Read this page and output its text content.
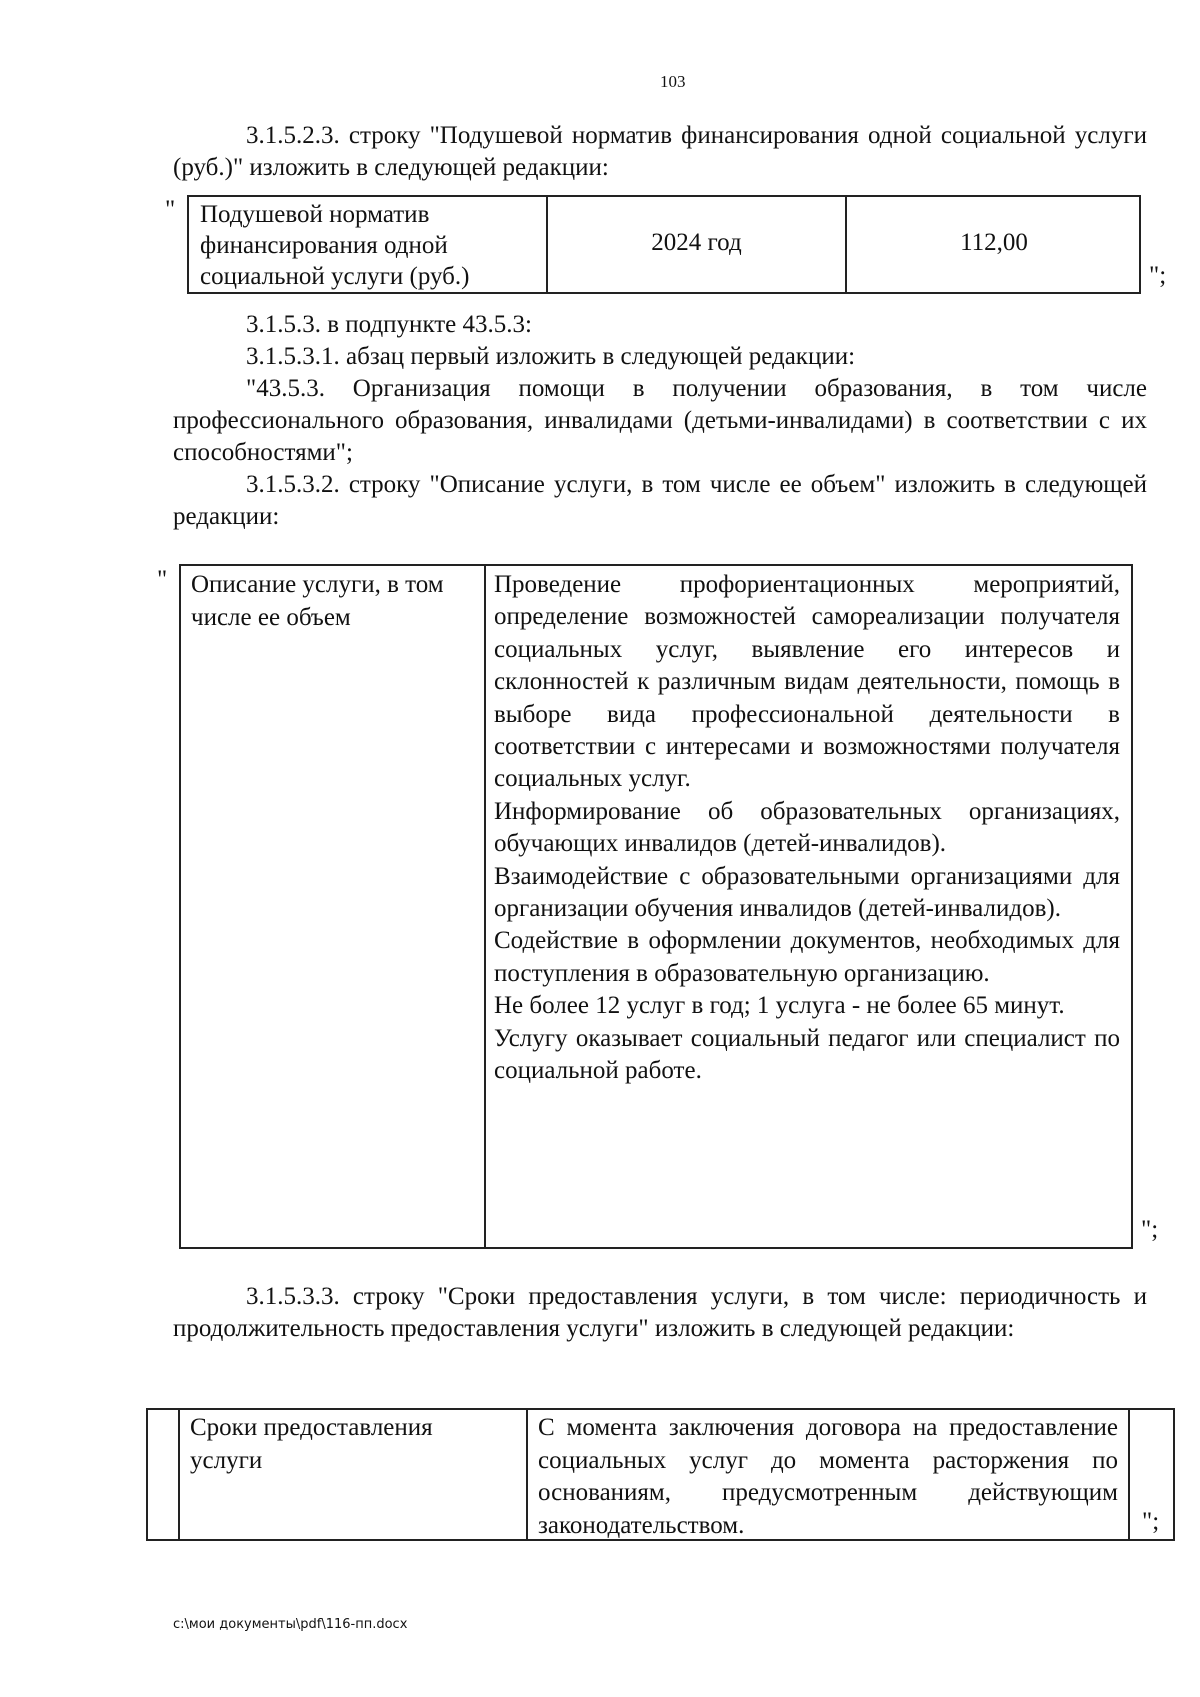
103
3.1.5.2.3. строку "Подушевой норматив финансирования одной социальной услуги (руб.)" изложить в следующей редакции:
" Подушевой норматив финансирования одной социальной услуги (руб.)
2024 год	112,00
";
3.1.5.3. в подпункте 43.5.3:
3.1.5.3.1. абзац первый изложить в следующей редакции:
"43.5.3. Организация помощи в получении образования, в том числе профессионального образования, инвалидами (детьми-инвалидами) в соответствии с их способностями";
3.1.5.3.2. строку "Описание услуги, в том числе ее объем" изложить в следующей редакции:
" Описание услуги, в том числе ее объем
Проведение профориентационных мероприятий, определение возможностей самореализации получателя социальных услуг, выявление его интересов и склонностей к различным видам деятельности, помощь в выборе вида профессиональной деятельности в соответствии с интересами и возможностями получателя социальных услуг.
Информирование об образовательных организациях, обучающих инвалидов (детей-инвалидов).
Взаимодействие с образовательными организациями для организации обучения инвалидов (детей-инвалидов).
Содействие в оформлении документов, необходимых для поступления в образовательную организацию.
Не более 12 услуг в год; 1 услуга - не более 65 минут.
Услугу оказывает социальный педагог или специалист по социальной работе.
";
3.1.5.3.3. строку "Сроки предоставления услуги, в том числе: периодичность и продолжительность предоставления услуги" изложить в следующей редакции:
Сроки предоставления услуги
С момента заключения договора на предоставление социальных услуг до момента расторжения по основаниям, предусмотренным действующим законодательством.	";
c:\мои документы\pdf\116-пп.docx
